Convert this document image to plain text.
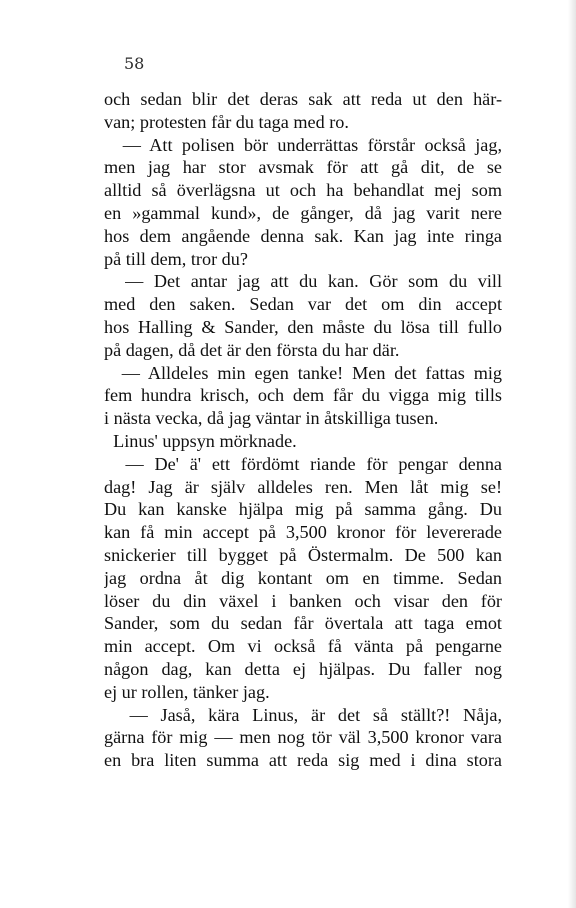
58
och sedan blir det deras sak att reda ut den här-
van; protesten får du taga med ro.
— Att polisen bör underrättas förstår också jag,
men jag har stor avsmak för att gå dit, de se
alltid så överlägsna ut och ha behandlat mej som
en »gammal kund», de gånger, då jag varit nere
hos dem angående denna sak. Kan jag inte ringa
på till dem, tror du?
— Det antar jag att du kan. Gör som du vill
med den saken. Sedan var det om din accept
hos Halling & Sander, den måste du lösa till fullo
på dagen, då det är den första du har där.
— Alldeles min egen tanke! Men det fattas mig
fem hundra krisch, och dem får du vigga mig tills
i nästa vecka, då jag väntar in åtskilliga tusen.
Linus' uppsyn mörknade.
— De' ä' ett fördömt riande för pengar denna
dag! Jag är själv alldeles ren. Men låt mig se!
Du kan kanske hjälpa mig på samma gång. Du
kan få min accept på 3,500 kronor för levererade
snickerier till bygget på Östermalm. De 500 kan
jag ordna åt dig kontant om en timme. Sedan
löser du din växel i banken och visar den för
Sander, som du sedan får övertala att taga emot
min accept. Om vi också få vänta på pengarne
någon dag, kan detta ej hjälpas. Du faller nog
ej ur rollen, tänker jag.
— Jaså, kära Linus, är det så ställt?! Nåja,
gärna för mig — men nog tör väl 3,500 kronor vara
en bra liten summa att reda sig med i dina stora
